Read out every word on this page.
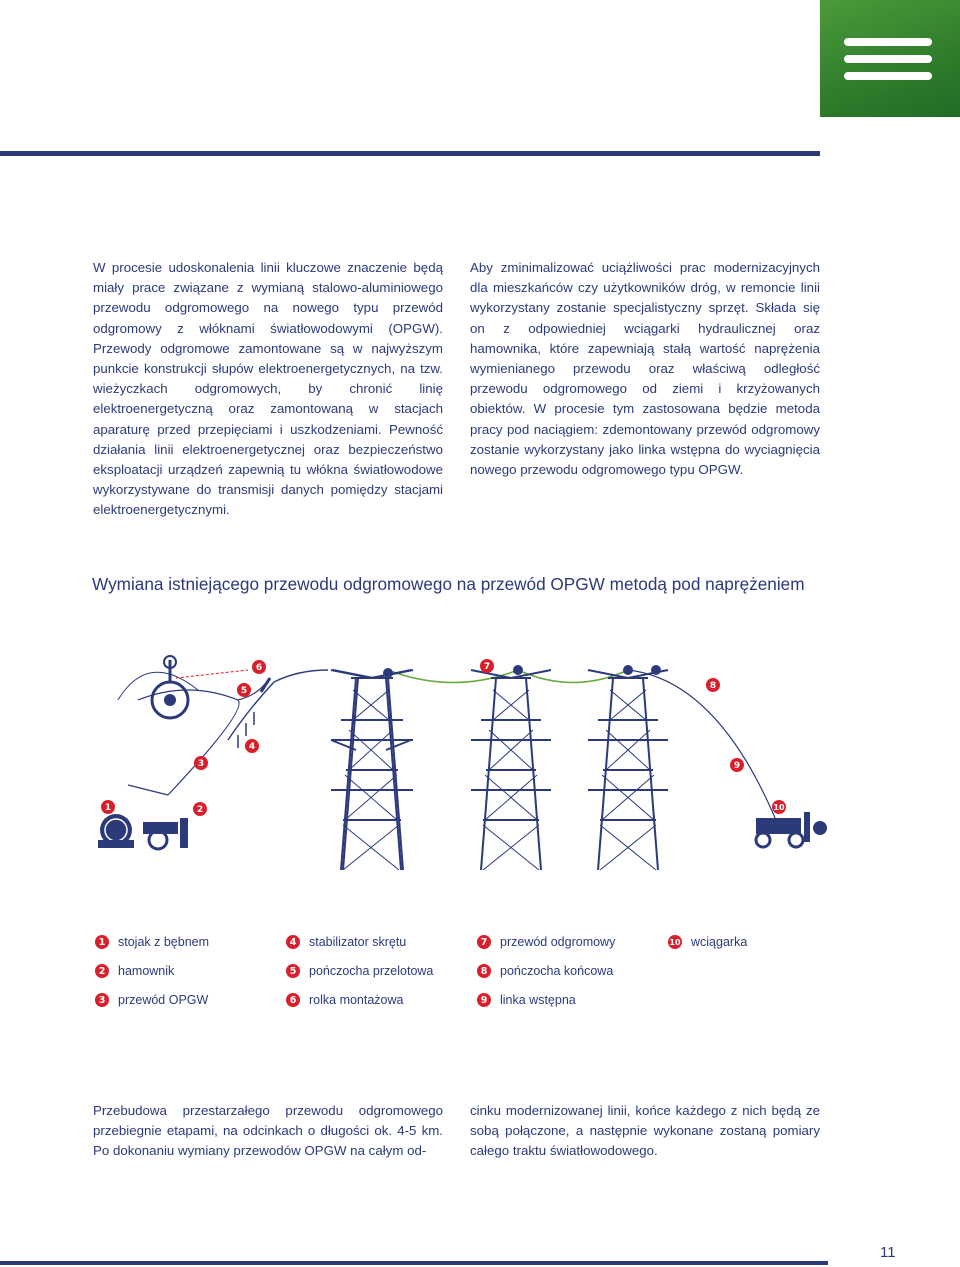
W procesie udoskonalenia linii kluczowe znaczenie będą miały prace związane z wymianą stalowo-aluminiowego przewodu odgromowego na nowego typu przewód odgromowy z włóknami światłowodowymi (OPGW). Przewody odgromowe zamontowane są w najwyższym punkcie konstrukcji słupów elektroenergetycznych, na tzw. wieżyczkach odgromowych, by chronić linię elektroenergetyczną oraz zamontowaną w stacjach aparaturę przed przepięciami i uszkodzeniami. Pewność działania linii elektroenergetycznej oraz bezpieczeństwo eksploatacji urządzeń zapewnią tu włókna światłowodowe wykorzystywane do transmisji danych pomiędzy stacjami elektroenergetycznymi.
Aby zminimalizować uciążliwości prac modernizacyjnych dla mieszkańców czy użytkowników dróg, w remoncie linii wykorzystany zostanie specjalistyczny sprzęt. Składa się on z odpowiedniej wciągarki hydraulicznej oraz hamownika, które zapewniają stałą wartość naprężenia wymienianego przewodu oraz właściwą odległość przewodu odgromowego od ziemi i krzyżowanych obiektów. W procesie tym zastosowana będzie metoda pracy pod naciągiem: zdemontowany przewód odgromowy zostanie wykorzystany jako linka wstępna do wyciagnięcia nowego przewodu odgromowego typu OPGW.
Wymiana istniejącego przewodu odgromowego na przewód OPGW metodą pod naprężeniem
1	2
3
4
5
6	7
8
9
10
1 stojak z bębnem
2 hamownik
3 przewód OPGW
4 stabilizator skrętu
5 pończocha przelotowa
6 rolka montażowa
7 przewód odgromowy
8 pończocha końcowa
9 linka wstępna
10 wciągarka
Przebudowa przestarzałego przewodu odgromowego przebiegnie etapami, na odcinkach o długości ok. 4-5 km. Po dokonaniu wymiany przewodów OPGW na całym od-
cinku modernizowanej linii, końce każdego z nich będą ze sobą połączone, a następnie wykonane zostaną pomiary całego traktu światłowodowego.
11
